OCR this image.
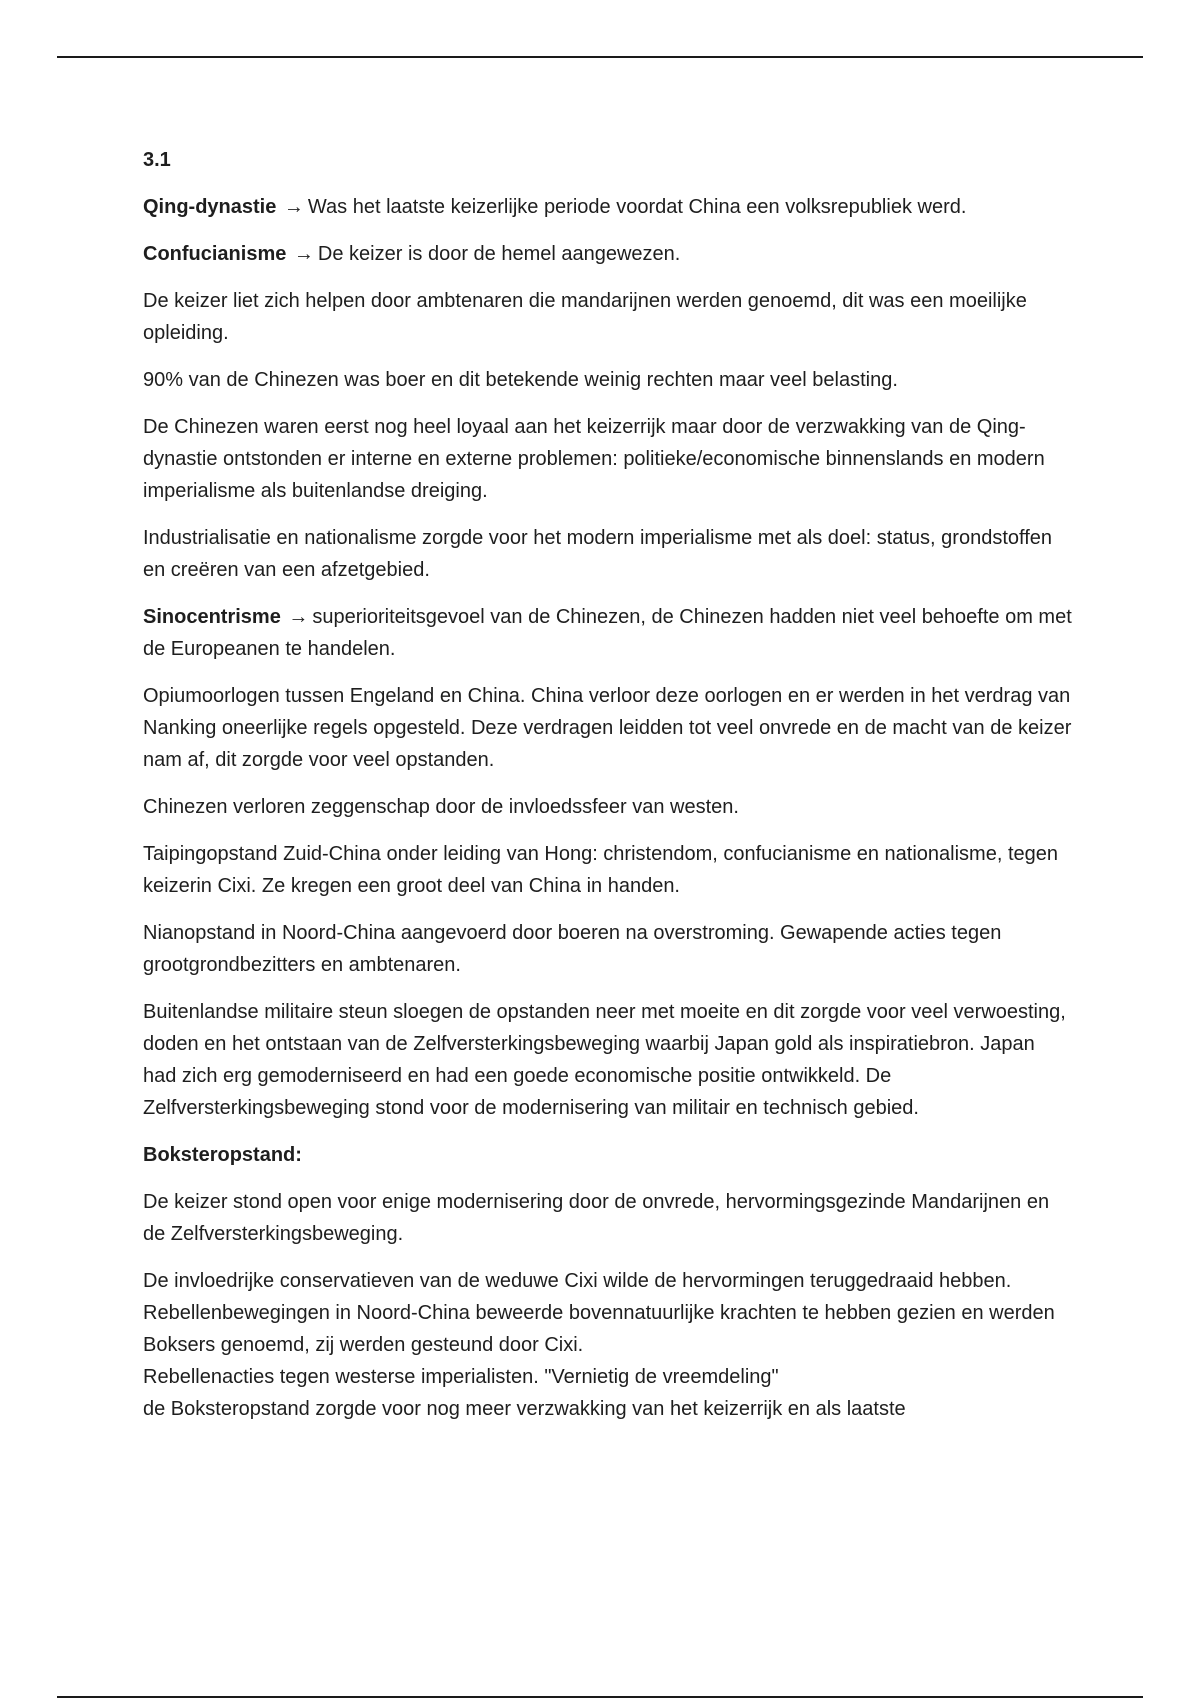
3.1

Qing-dynastie → Was het laatste keizerlijke periode voordat China een volksrepubliek werd.

Confucianisme → De keizer is door de hemel aangewezen.

De keizer liet zich helpen door ambtenaren die mandarijnen werden genoemd, dit was een moeilijke opleiding.

90% van de Chinezen was boer en dit betekende weinig rechten maar veel belasting.

De Chinezen waren eerst nog heel loyaal aan het keizerrijk maar door de verzwakking van de Qing-dynastie ontstonden er interne en externe problemen: politieke/economische binnenslands en modern imperialisme als buitenlandse dreiging.

Industrialisatie en nationalisme zorgde voor het modern imperialisme met als doel: status, grondstoffen en creëren van een afzetgebied.

Sinocentrisme → superioriteitsgevoel van de Chinezen, de Chinezen hadden niet veel behoefte om met de Europeanen te handelen.

Opiumoorlogen tussen Engeland en China. China verloor deze oorlogen en er werden in het verdrag van Nanking oneerlijke regels opgesteld. Deze verdragen leidden tot veel onvrede en de macht van de keizer nam af, dit zorgde voor veel opstanden.

Chinezen verloren zeggenschap door de invloedssfeer van westen.

Taipingopstand Zuid-China onder leiding van Hong: christendom, confucianisme en nationalisme, tegen keizerin Cixi. Ze kregen een groot deel van China in handen.

Nianopstand in Noord-China aangevoerd door boeren na overstroming. Gewapende acties tegen grootgrondbezitters en ambtenaren.

Buitenlandse militaire steun sloegen de opstanden neer met moeite en dit zorgde voor veel verwoesting, doden en het ontstaan van de Zelfversterkingsbeweging waarbij Japan gold als inspiratiebron. Japan had zich erg gemoderniseerd en had een goede economische positie ontwikkeld. De Zelfversterkingsbeweging stond voor de modernisering van militair en technisch gebied.

Boksteropstand:

De keizer stond open voor enige modernisering door de onvrede, hervormingsgezinde Mandarijnen en de Zelfversterkingsbeweging.

De invloedrijke conservatieven van de weduwe Cixi wilde de hervormingen teruggedraaid hebben.
Rebellenbewegingen in Noord-China beweerde bovennatuurlijke krachten te hebben gezien en werden Boksers genoemd, zij werden gesteund door Cixi.
Rebellenacties tegen westerse imperialisten. "Vernietig de vreemdeling"
de Boksteropstand zorgde voor nog meer verzwakking van het keizerrijk en als laatste
